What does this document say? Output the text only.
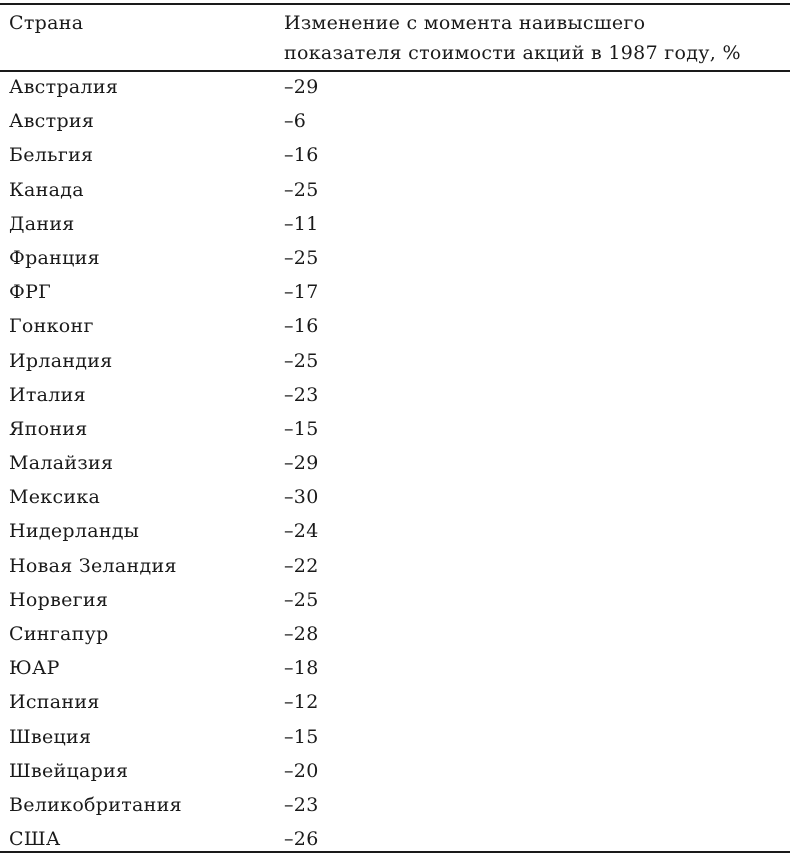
Страна	Изменение с момента наивысшего
показателя стоимости акций в 1987 году, %
Австралия	–29
Австрия	–6
Бельгия	–16
Канада	–25
Дания	–11
Франция	–25
ФРГ	–17
Гонконг	–16
Ирландия	–25
Италия	–23
Япония	–15
Малайзия	–29
Мексика	–30
Нидерланды	–24
Новая Зеландия	–22
Норвегия	–25
Сингапур	–28
ЮАР	–18
Испания	–12
Швеция	–15
Швейцария	–20
Великобритания	–23
США	–26
